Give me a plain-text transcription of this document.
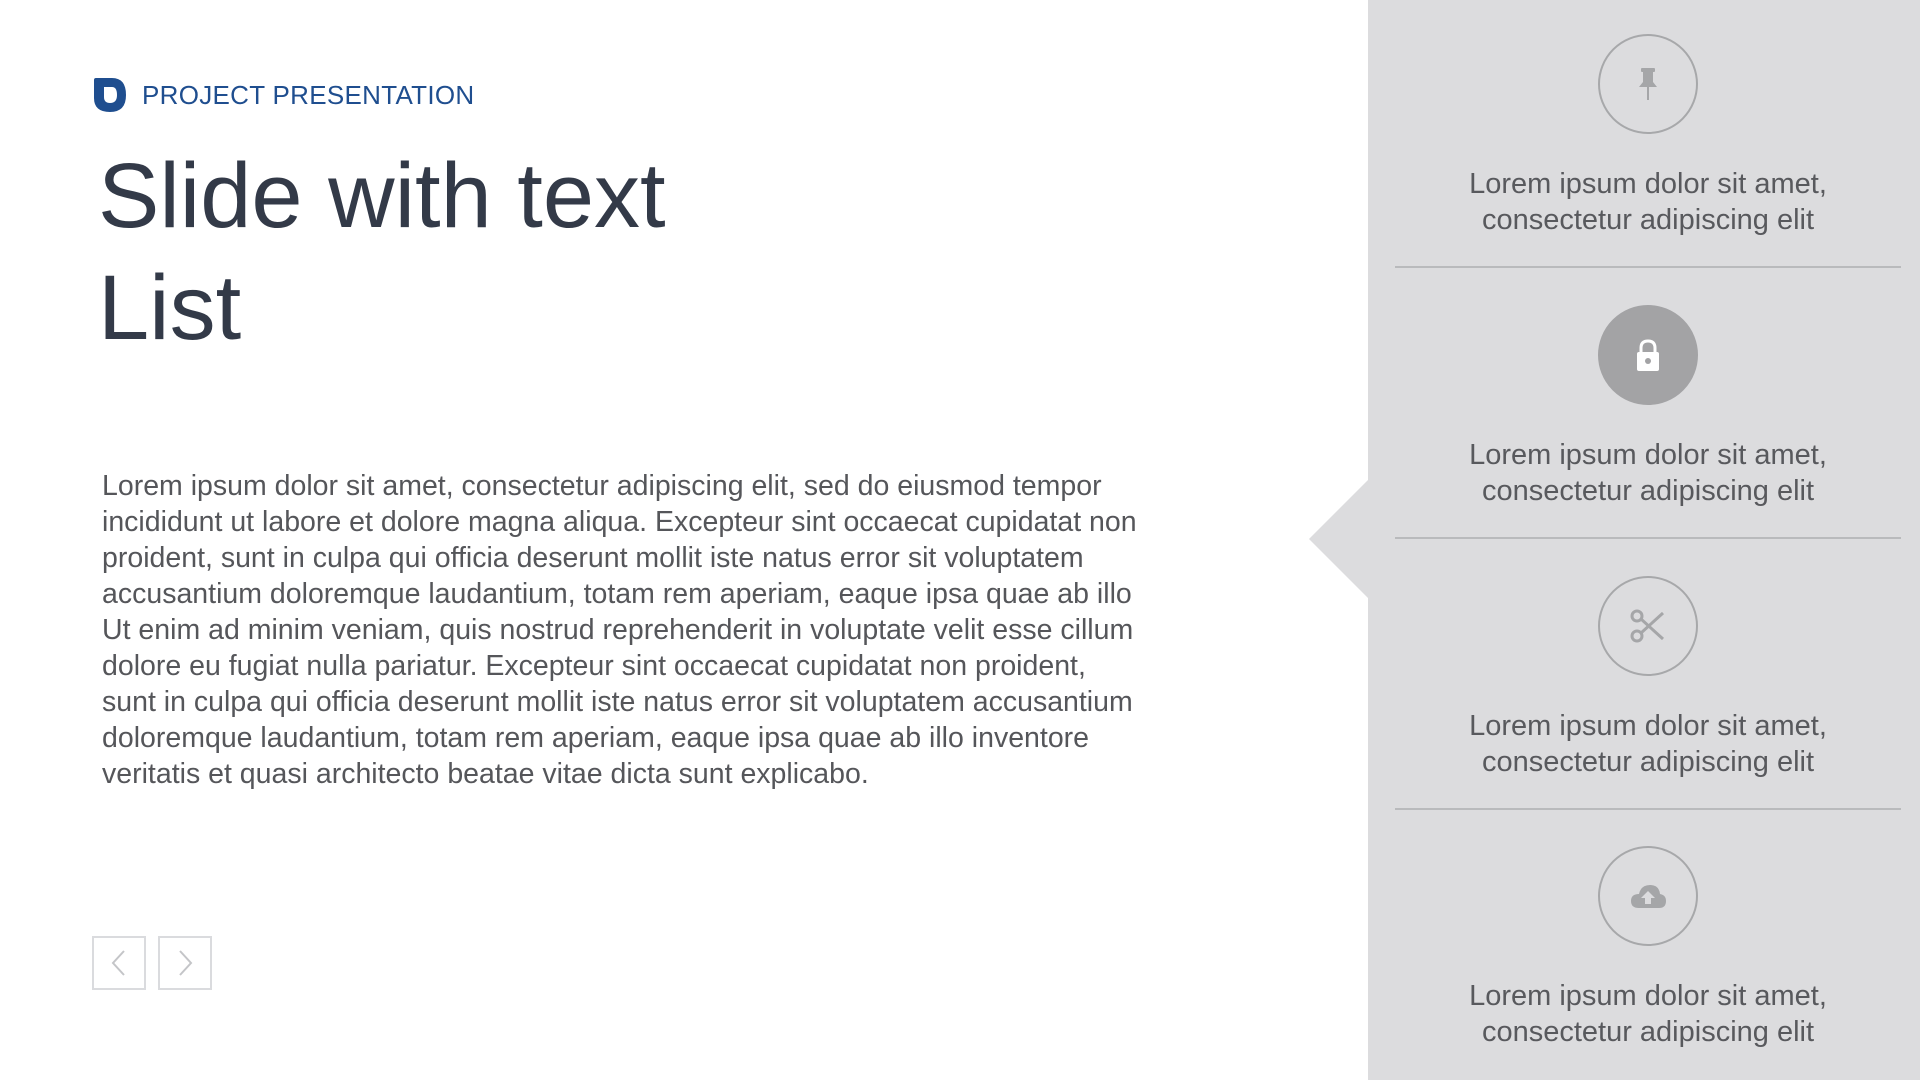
PROJECT PRESENTATION
Slide with text
List

Lorem ipsum dolor sit amet, consectetur adipiscing elit, sed do eiusmod tempor incididunt ut labore et dolore magna aliqua. Excepteur sint occaecat cupidatat non proident, sunt in culpa qui officia deserunt mollit iste natus error sit voluptatem accusantium doloremque laudantium, totam rem aperiam, eaque ipsa quae ab illo Ut enim ad minim veniam, quis nostrud reprehenderit in voluptate velit esse cillum dolore eu fugiat nulla pariatur. Excepteur sint occaecat cupidatat non proident, sunt in culpa qui officia deserunt mollit iste natus error sit voluptatem accusantium doloremque laudantium, totam rem aperiam, eaque ipsa quae ab illo inventore veritatis et quasi architecto beatae vitae dicta sunt explicabo.

Lorem ipsum dolor sit amet,
consectetur adipiscing elit
Lorem ipsum dolor sit amet,
consectetur adipiscing elit
Lorem ipsum dolor sit amet,
consectetur adipiscing elit
Lorem ipsum dolor sit amet,
consectetur adipiscing elit
